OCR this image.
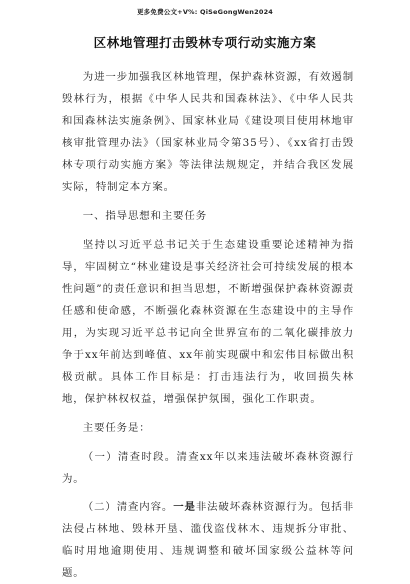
更多免费公文+V%: QiSeGongWen2024
区林地管理打击毁林专项行动实施方案

为进一步加强我区林地管理，保护森林资源，有效遏制毁林行为，根据《中华人民共和国森林法》、《中华人民共和国森林法实施条例》、国家林业局《建设项目使用林地审核审批管理办法》（国家林业局令第35号）、《xx省打击毁林专项行动实施方案》等法律法规规定，并结合我区发展实际，特制定本方案。

一、指导思想和主要任务

坚持以习近平总书记关于生态建设重要论述精神为指导，牢固树立“林业建设是事关经济社会可持续发展的根本性问题”的责任意识和担当思想，不断增强保护森林资源责任感和使命感，不断强化森林资源在生态建设中的主导作用，为实现习近平总书记向全世界宣布的二氧化碳排放力争于xx年前达到峰值、xx年前实现碳中和宏伟目标做出积极贡献。具体工作目标是：打击违法行为，收回损失林地，保护林权权益，增强保护氛围，强化工作职责。

主要任务是：

（一）清查时段。清查xx年以来违法破坏森林资源行为。

（二）清查内容。一是非法破坏森林资源行为。包括非法侵占林地、毁林开垦、滥伐盗伐林木、违规拆分审批、临时用地逾期使用、违规调整和破坏国家级公益林等问题。
